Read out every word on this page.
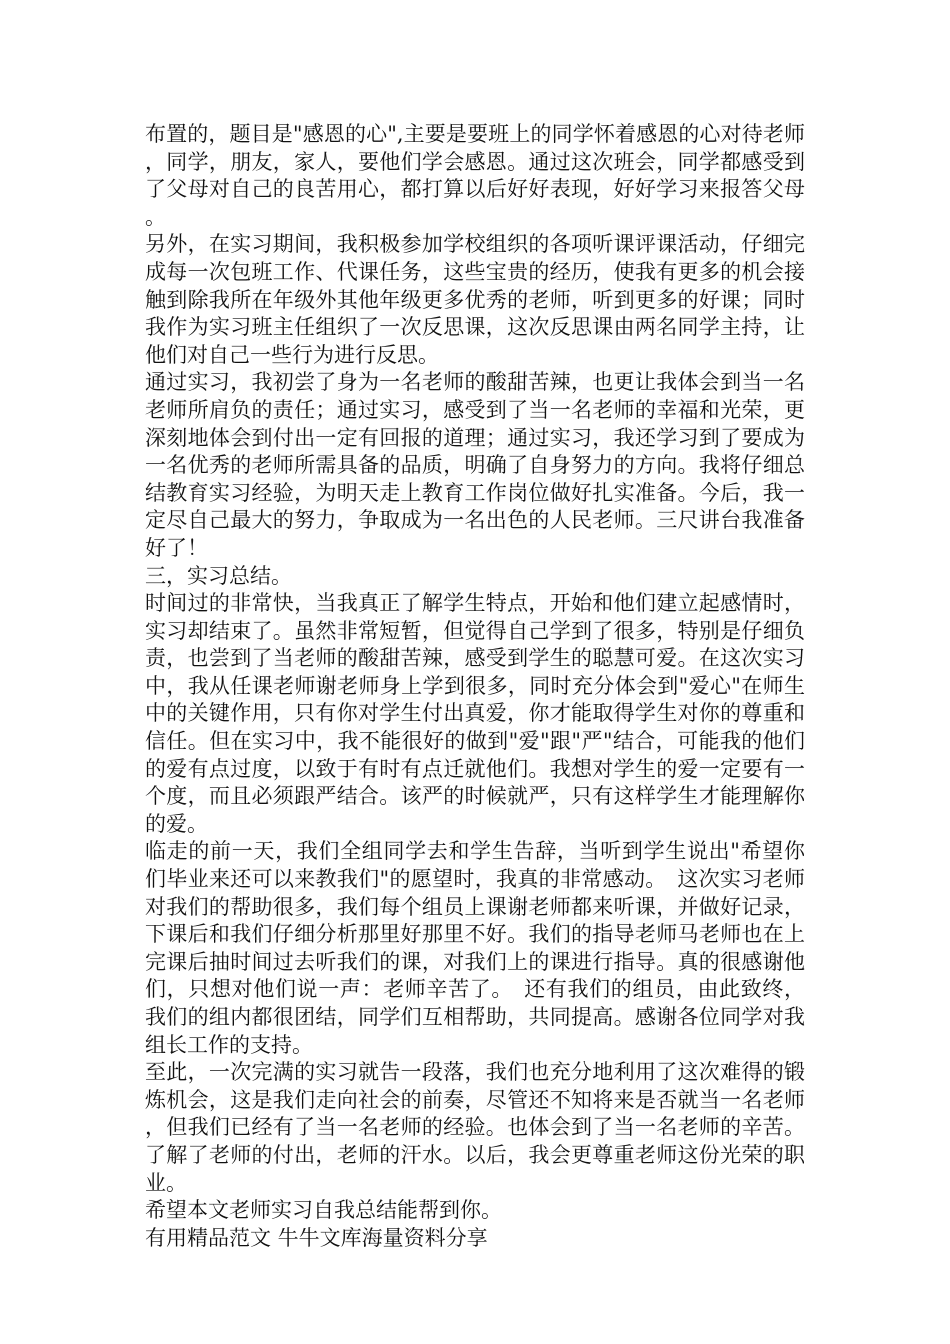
布置的，题目是"感恩的心",主要是要班上的同学怀着感恩的心对待老师，同学，朋友，家人，要他们学会感恩。通过这次班会，同学都感受到了父母对自己的良苦用心，都打算以后好好表现，好好学习来报答父母。

另外，在实习期间，我积极参加学校组织的各项听课评课活动，仔细完成每一次包班工作、代课任务，这些宝贵的经历，使我有更多的机会接触到除我所在年级外其他年级更多优秀的老师，听到更多的好课；同时我作为实习班主任组织了一次反思课，这次反思课由两名同学主持，让他们对自己一些行为进行反思。

通过实习，我初尝了身为一名老师的酸甜苦辣，也更让我体会到当一名老师所肩负的责任；通过实习，感受到了当一名老师的幸福和光荣，更深刻地体会到付出一定有回报的道理；通过实习，我还学习到了要成为一名优秀的老师所需具备的品质，明确了自身努力的方向。我将仔细总结教育实习经验，为明天走上教育工作岗位做好扎实准备。今后，我一定尽自己最大的努力，争取成为一名出色的人民老师。三尺讲台我准备好了！

三，实习总结。

时间过的非常快，当我真正了解学生特点，开始和他们建立起感情时，实习却结束了。虽然非常短暂，但觉得自己学到了很多，特别是仔细负责，也尝到了当老师的酸甜苦辣，感受到学生的聪慧可爱。在这次实习中，我从任课老师谢老师身上学到很多，同时充分体会到"爱心"在师生中的关键作用，只有你对学生付出真爱，你才能取得学生对你的尊重和信任。但在实习中，我不能很好的做到"爱"跟"严"结合，可能我的他们的爱有点过度，以致于有时有点迁就他们。我想对学生的爱一定要有一个度，而且必须跟严结合。该严的时候就严，只有这样学生才能理解你的爱。

临走的前一天，我们全组同学去和学生告辞，当听到学生说出"希望你们毕业来还可以来教我们"的愿望时，我真的非常感动。　这次实习老师对我们的帮助很多，我们每个组员上课谢老师都来听课，并做好记录，下课后和我们仔细分析那里好那里不好。我们的指导老师马老师也在上完课后抽时间过去听我们的课，对我们上的课进行指导。真的很感谢他们，只想对他们说一声：老师辛苦了。　还有我们的组员，由此致终，我们的组内都很团结，同学们互相帮助，共同提高。感谢各位同学对我组长工作的支持。

至此，一次完满的实习就告一段落，我们也充分地利用了这次难得的锻炼机会，这是我们走向社会的前奏，尽管还不知将来是否就当一名老师，但我们已经有了当一名老师的经验。也体会到了当一名老师的辛苦。了解了老师的付出，老师的汗水。以后，我会更尊重老师这份光荣的职业。

希望本文老师实习自我总结能帮到你。

有用精品范文 牛牛文库海量资料分享
